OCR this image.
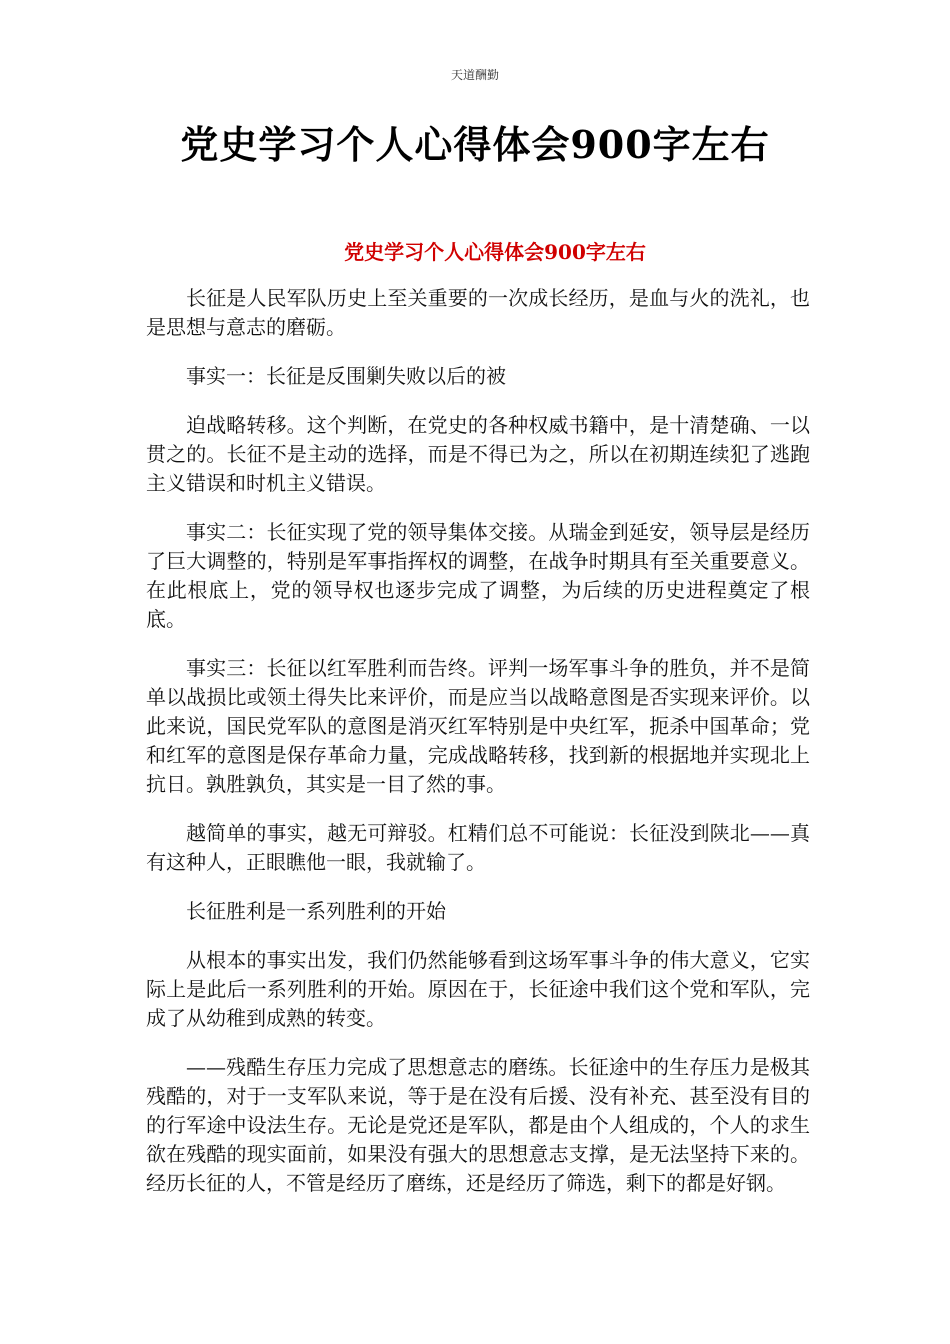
天道酬勤
党史学习个人心得体会900字左右
党史学习个人心得体会900字左右

长征是人民军队历史上至关重要的一次成长经历，是血与火的洗礼，也是思想与意志的磨砺。

事实一：长征是反围剿失败以后的被

迫战略转移。这个判断，在党史的各种权威书籍中，是十清楚确、一以贯之的。长征不是主动的选择，而是不得已为之，所以在初期连续犯了逃跑主义错误和时机主义错误。

事实二：长征实现了党的领导集体交接。从瑞金到延安，领导层是经历了巨大调整的，特别是军事指挥权的调整，在战争时期具有至关重要意义。在此根底上，党的领导权也逐步完成了调整，为后续的历史进程奠定了根底。

事实三：长征以红军胜利而告终。评判一场军事斗争的胜负，并不是简单以战损比或领土得失比来评价，而是应当以战略意图是否实现来评价。以此来说，国民党军队的意图是消灭红军特别是中央红军，扼杀中国革命；党和红军的意图是保存革命力量，完成战略转移，找到新的根据地并实现北上抗日。孰胜孰负，其实是一目了然的事。

越简单的事实，越无可辩驳。杠精们总不可能说：长征没到陕北——真有这种人，正眼瞧他一眼，我就输了。

长征胜利是一系列胜利的开始

从根本的事实出发，我们仍然能够看到这场军事斗争的伟大意义，它实际上是此后一系列胜利的开始。原因在于，长征途中我们这个党和军队，完成了从幼稚到成熟的转变。

——残酷生存压力完成了思想意志的磨练。长征途中的生存压力是极其残酷的，对于一支军队来说，等于是在没有后援、没有补充、甚至没有目的的行军途中设法生存。无论是党还是军队，都是由个人组成的，个人的求生欲在残酷的现实面前，如果没有强大的思想意志支撑，是无法坚持下来的。经历长征的人，不管是经历了磨练，还是经历了筛选，剩下的都是好钢。
